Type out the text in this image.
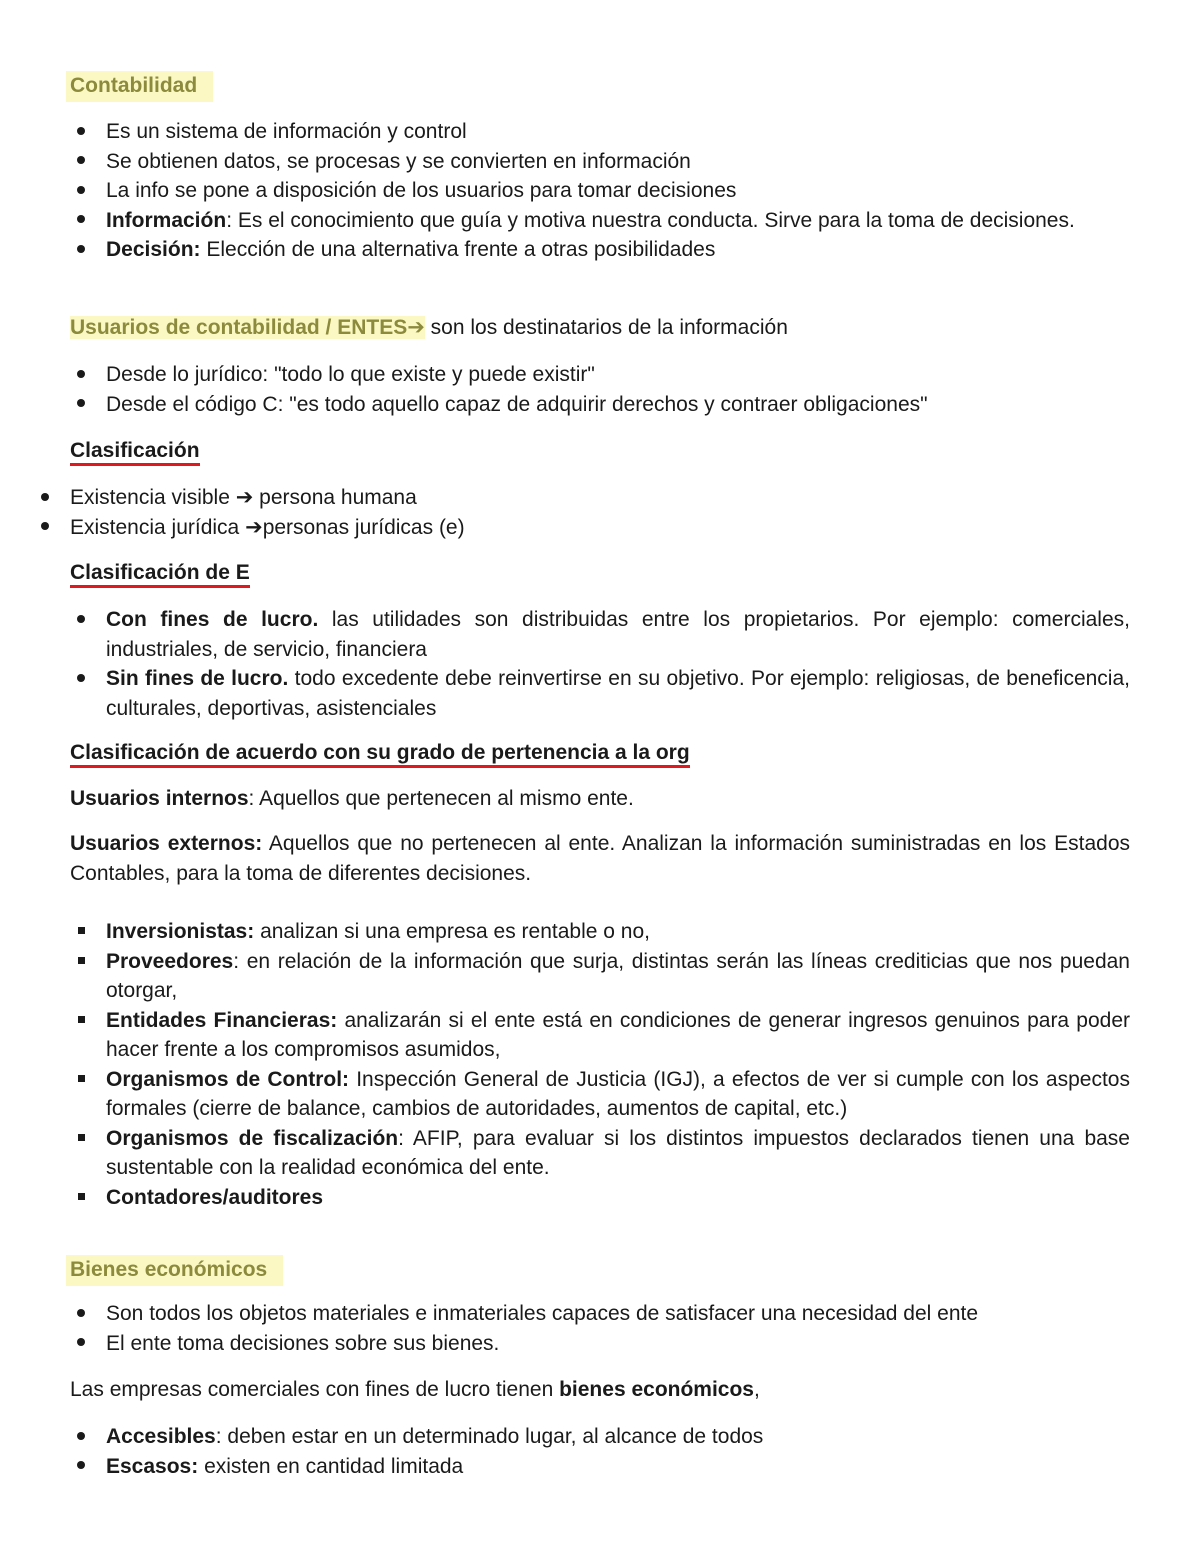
Contabilidad
Es un sistema de información y control
Se obtienen datos, se procesas y se convierten en información
La info se pone a disposición de los usuarios para tomar decisiones
Información: Es el conocimiento que guía y motiva nuestra conducta. Sirve para la toma de decisiones.
Decisión: Elección de una alternativa frente a otras posibilidades
Usuarios de contabilidad / ENTES➔ son los destinatarios de la información
Desde lo jurídico: "todo lo que existe y puede existir"
Desde el código C: "es todo aquello capaz de adquirir derechos y contraer obligaciones"
Clasificación
Existencia visible ➔ persona humana
Existencia jurídica ➔personas jurídicas (e)
Clasificación de E
Con fines de lucro. las utilidades son distribuidas entre los propietarios. Por ejemplo: comerciales, industriales, de servicio, financiera
Sin fines de lucro. todo excedente debe reinvertirse en su objetivo. Por ejemplo: religiosas, de beneficencia, culturales, deportivas, asistenciales
Clasificación de acuerdo con su grado de pertenencia a la org
Usuarios internos: Aquellos que pertenecen al mismo ente.
Usuarios externos: Aquellos que no pertenecen al ente. Analizan la información suministradas en los Estados Contables, para la toma de diferentes decisiones.
Inversionistas: analizan si una empresa es rentable o no,
Proveedores: en relación de la información que surja, distintas serán las líneas crediticias que nos puedan otorgar,
Entidades Financieras: analizarán si el ente está en condiciones de generar ingresos genuinos para poder hacer frente a los compromisos asumidos,
Organismos de Control: Inspección General de Justicia (IGJ), a efectos de ver si cumple con los aspectos formales (cierre de balance, cambios de autoridades, aumentos de capital, etc.)
Organismos de fiscalización: AFIP, para evaluar si los distintos impuestos declarados tienen una base sustentable con la realidad económica del ente.
Contadores/auditores
Bienes económicos
Son todos los objetos materiales e inmateriales capaces de satisfacer una necesidad del ente
El ente toma decisiones sobre sus bienes.
Las empresas comerciales con fines de lucro tienen bienes económicos,
Accesibles: deben estar en un determinado lugar, al alcance de todos
Escasos: existen en cantidad limitada
